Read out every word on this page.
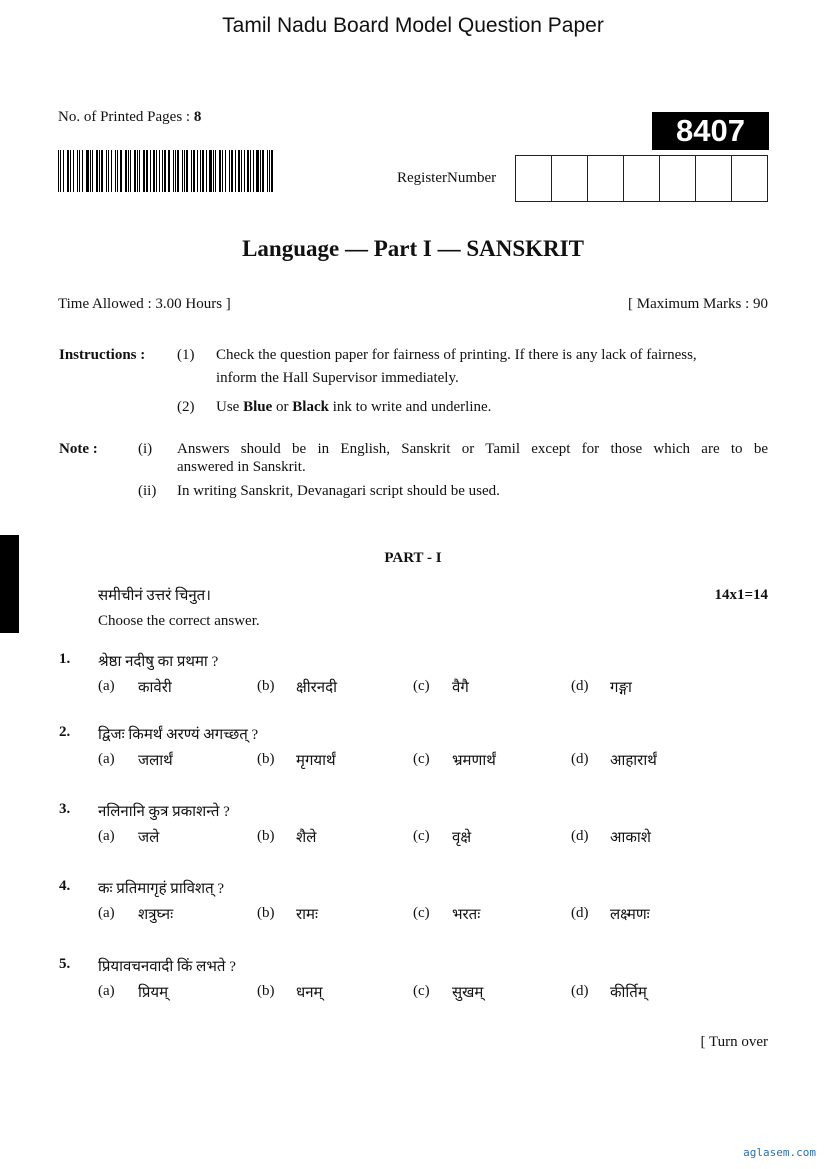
Tamil Nadu Board Model Question Paper
No. of Printed Pages : 8	8407
RegisterNumber
Language — Part I — SANSKRIT
Time Allowed : 3.00 Hours ]	[ Maximum Marks : 90
Instructions : (1) Check the question paper for fairness of printing. If there is any lack of fairness,
inform the Hall Supervisor immediately.
(2) Use Blue or Black ink to write and underline.
Note :	(i) Answers should be in English, Sanskrit or Tamil except for those which are to be
answered in Sanskrit.
(ii) In writing Sanskrit, Devanagari script should be used.
PART - I
समीचीनं उत्तरं चिनुत।	14x1=14
Choose the correct answer.
1. श्रेष्ठा नदीषु का प्रथमा ?
(a) कावेरी	(b) क्षीरनदी	(c) वैगै	(d) गङ्गा
2. द्विजः किमर्थं अरण्यं अगच्छत् ?
(a) जलार्थं	(b) मृगयार्थं	(c) भ्रमणार्थं	(d) आहारार्थं
3. नलिनानि कुत्र प्रकाशन्ते ?
(a) जले	(b) शैले	(c) वृक्षे	(d) आकाशे
4. कः प्रतिमागृहं प्राविशत् ?
(a) शत्रुघ्नः	(b) रामः	(c) भरतः	(d) लक्ष्मणः
5. प्रियावचनवादी किं लभते ?
(a) प्रियम्	(b) धनम्	(c) सुखम्	(d) कीर्तिम्
[ Turn over
aglasem.com
